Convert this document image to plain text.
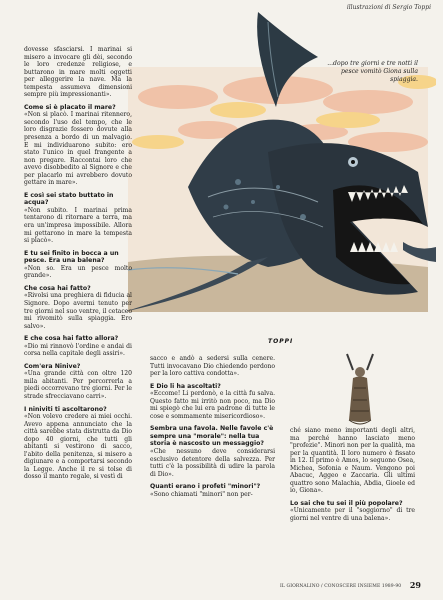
illustrazioni di Sergio Toppi
TOPPI
...dopo tre giorni e tre notti il pesce vomitò Giona sulla spiaggia.

dovesse sfasciarsi. I marinai si misero a invocare gli dèi, secondo le loro credenze religiose, e buttarono in mare molti oggetti per alleggerire la nave. Ma la tempesta assumeva dimensioni sempre più impressionanti».

Come si è placato il mare?

«Non si placò. I marinai ritennero, secondo l'uso del tempo, che le loro disgrazie fossero dovute alla presenza a bordo di un malvagio. E mi individuarono subito: ero stato l'unico in quel frangente a non pregare. Raccontai loro che avevo disobbedito al Signore e che per placarlo mi avrebbero dovuto gettare in mare».

E così sei stato buttato in acqua?

«Non subito. I marinai prima tentarono di ritornare a terra, ma era un'impresa impossibile. Allora mi gettarono in mare la tempesta si placò».

E tu sei finito in bocca a un pesce. Era una balena?

«Non so. Era un pesce molto grande».

Che cosa hai fatto?

«Rivolsi una preghiera di fiducia al Signore. Dopo avermi tenuto per tre giorni nel suo ventre, il cetaceo mi rivomitò sulla spiaggia. Ero salvo».

E che cosa hai fatto allora?

«Dio mi rinnovò l'ordine e andai di corsa nella capitale degli assiri».

Com'era Ninive?

«Una grande città con oltre 120 mila abitanti. Per percorrerla a piedi occorrevano tre giorni. Per le strade sfrecciavano carri».

I niniviti ti ascoltarono?

«Non volevo credere ai miei occhi. Avevo appena annunciato che la città sarebbe stata distrutta da Dio dopo 40 giorni, che tutti gli abitanti si vestirono di sacco, l'abito della penitenza, si misero a digiunare e a comportarsi secondo la Legge. Anche il re si tolse di dosso il manto regale, si vestì di

sacco e andò a sedersi sulla cenere. Tutti invocavano Dio chiedendo perdono per la loro cattiva condotta».

E Dio li ha ascoltati?

«Eccome! Li perdonò, e la città fu salva. Questo fatto mi irritò non poco, ma Dio mi spiegò che lui era padrone di tutte le cose e sommamente misericordioso».

Sembra una favola. Nelle favole c'è sempre una "morale": nella tua storia è nascosto un messaggio?

«Che nessuno deve considerarsi esclusivo detentore della salvezza. Per tutti c'è la possibilità di udire la parola di Dio».

Quanti erano i profeti "minori"?

«Sono chiamati "minori" non per-

ché siano meno importanti degli altri, ma perché hanno lasciato meno "profezie". Minori non per la qualità, ma per la quantità. Il loro numero è fissato in 12. Il primo è Amos, lo seguono Osea, Michea, Sofonia e Naum. Vengono poi Abacuc, Aggeo e Zaccaria. Gli ultimi quattro sono Malachia, Abdia, Gioele ed io, Giona».

Lo sai che tu sei il più popolare?

«Unicamente per il "soggiorno" di tre giorni nel ventre di una balena».

IL GIORNALINO / CONOSCERE INSIEME 1989-90 29
